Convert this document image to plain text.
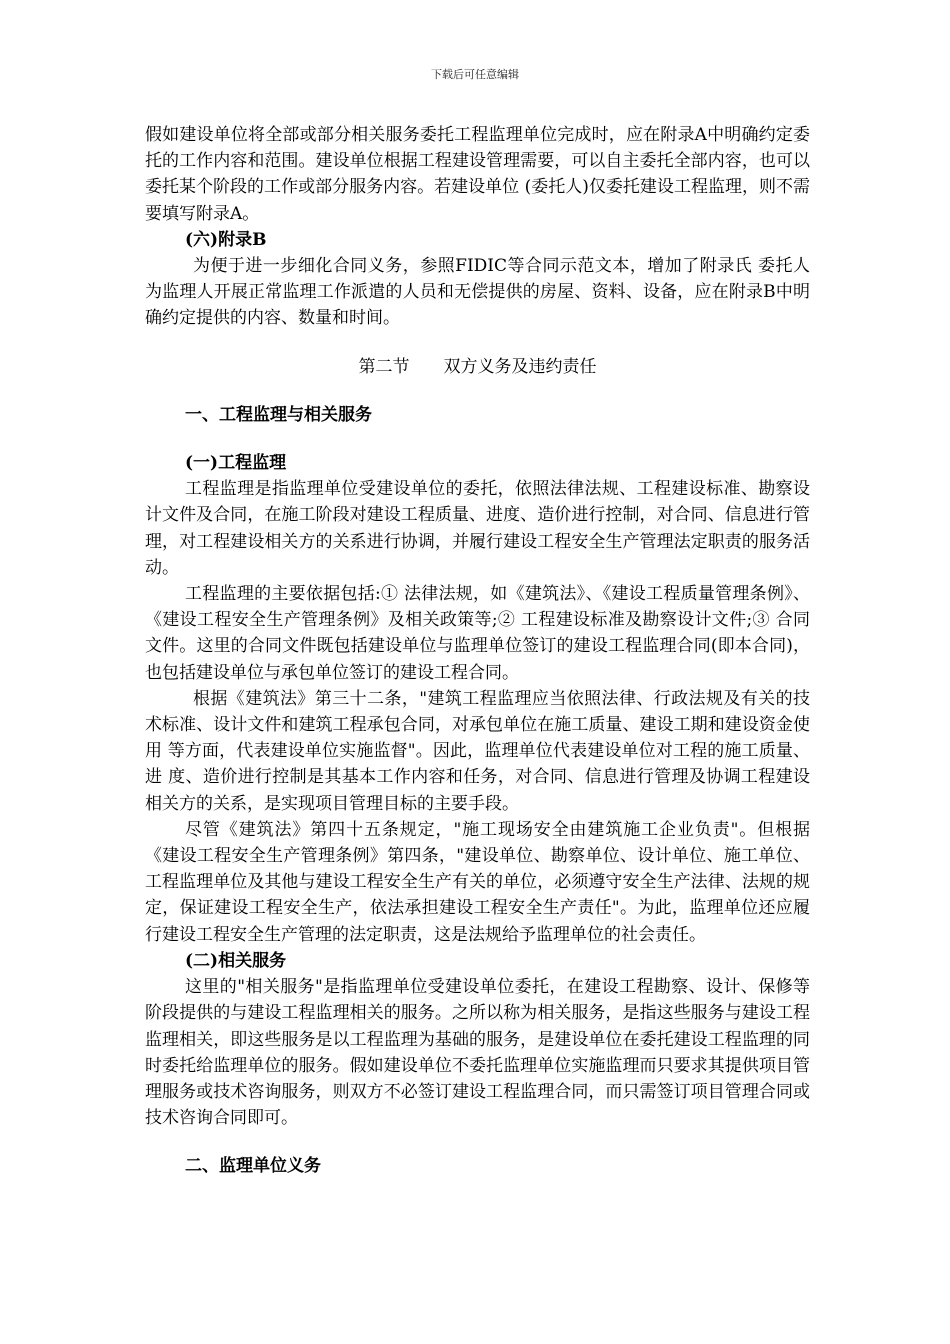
下载后可任意编辑

假如建设单位将全部或部分相关服务委托工程监理单位完成时，应在附录A中明确约定委托的工作内容和范围。建设单位根据工程建设管理需要，可以自主委托全部内容，也可以委托某个阶段的工作或部分服务内容。若建设单位 (委托人)仅委托建设工程监理，则不需要填写附录A。

(六)附录B

为便于进一步细化合同义务，参照FIDIC等合同示范文本，增加了附录氏 委托人为监理人开展正常监理工作派遣的人员和无偿提供的房屋、资料、设备，应在附录B中明确约定提供的内容、数量和时间。

第二节　　双方义务及违约责任

一、工程监理与相关服务

(一)工程监理

工程监理是指监理单位受建设单位的委托，依照法律法规、工程建设标准、勘察设计文件及合同，在施工阶段对建设工程质量、进度、造价进行控制，对合同、信息进行管理，对工程建设相关方的关系进行协调，并履行建设工程安全生产管理法定职责的服务活动。

工程监理的主要依据包括:① 法律法规，如《建筑法》、《建设工程质量管理条例》、《建设工程安全生产管理条例》及相关政策等;② 工程建设标准及勘察设计文件;③ 合同文件。这里的合同文件既包括建设单位与监理单位签订的建设工程监理合同(即本合同)，也包括建设单位与承包单位签订的建设工程合同。

根据《建筑法》第三十二条，"建筑工程监理应当依照法律、行政法规及有关的技术标准、设计文件和建筑工程承包合同，对承包单位在施工质量、建设工期和建设资金使用 等方面，代表建设单位实施监督"。因此，监理单位代表建设单位对工程的施工质量、进 度、造价进行控制是其基本工作内容和任务，对合同、信息进行管理及协调工程建设相关方的关系，是实现项目管理目标的主要手段。

尽管《建筑法》第四十五条规定，"施工现场安全由建筑施工企业负责"。但根据《建设工程安全生产管理条例》第四条，"建设单位、勘察单位、设计单位、施工单位、工程监理单位及其他与建设工程安全生产有关的单位，必须遵守安全生产法律、法规的规定，保证建设工程安全生产，依法承担建设工程安全生产责任"。为此，监理单位还应履行建设工程安全生产管理的法定职责，这是法规给予监理单位的社会责任。

(二)相关服务

这里的"相关服务"是指监理单位受建设单位委托，在建设工程勘察、设计、保修等阶段提供的与建设工程监理相关的服务。之所以称为相关服务，是指这些服务与建设工程监理相关，即这些服务是以工程监理为基础的服务，是建设单位在委托建设工程监理的同时委托给监理单位的服务。假如建设单位不委托监理单位实施监理而只要求其提供项目管理服务或技术咨询服务，则双方不必签订建设工程监理合同，而只需签订项目管理合同或技术咨询合同即可。

二、监理单位义务
